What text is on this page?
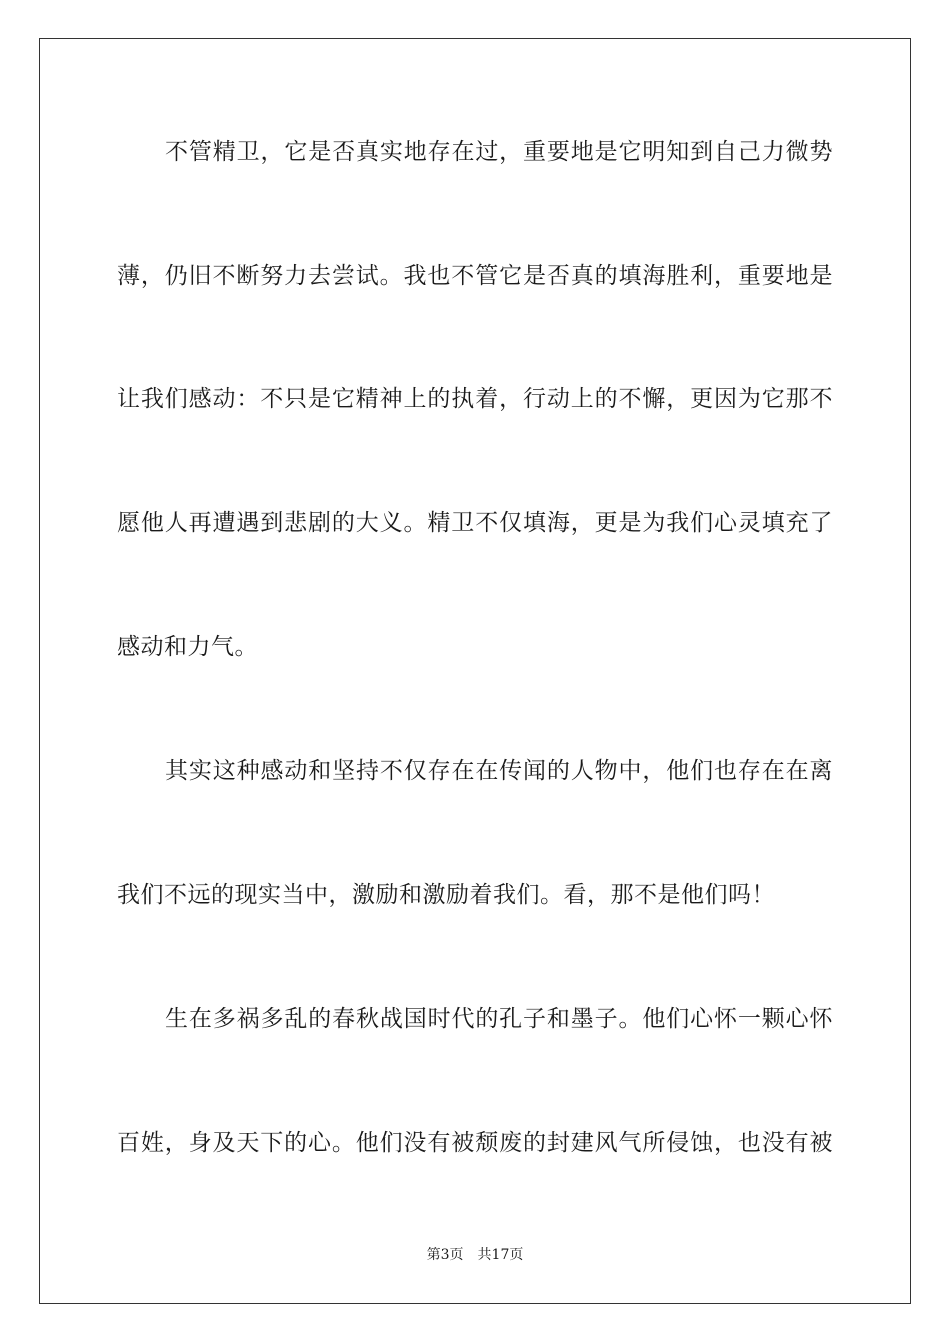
不管精卫，它是否真实地存在过，重要地是它明知到自己力微势
薄，仍旧不断努力去尝试。我也不管它是否真的填海胜利，重要地是
让我们感动：不只是它精神上的执着，行动上的不懈，更因为它那不
愿他人再遭遇到悲剧的大义。精卫不仅填海，更是为我们心灵填充了
感动和力气。
其实这种感动和坚持不仅存在在传闻的人物中，他们也存在在离
我们不远的现实当中，激励和激励着我们。看，那不是他们吗！
生在多祸多乱的春秋战国时代的孔子和墨子。他们心怀一颗心怀
百姓，身及天下的心。他们没有被颓废的封建风气所侵蚀，也没有被
第3页 共17页
